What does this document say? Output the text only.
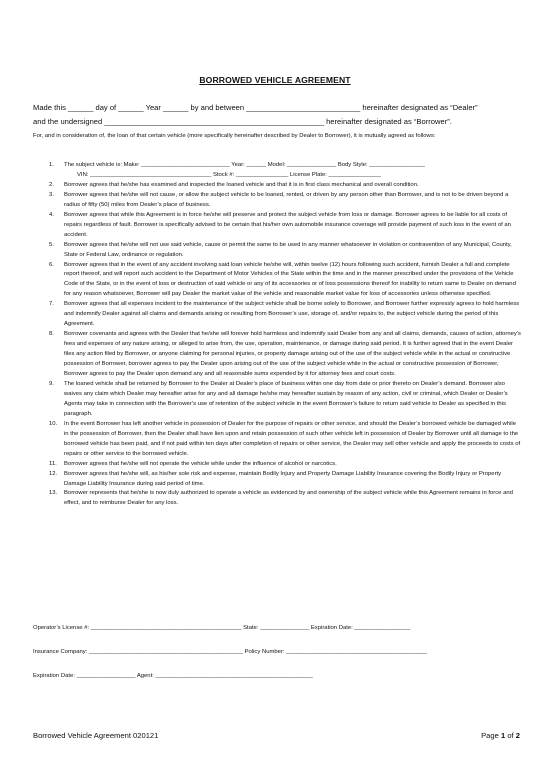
BORROWED VEHICLE AGREEMENT
Made this ______ day of ______ Year ______ by and between ___________________________ hereinafter designated as “Dealer”
and the undersigned ____________________________________________________ hereinafter designated as “Borrower”.
For, and in consideration of, the loan of that certain vehicle (more specifically hereinafter described by Dealer to Borrower), it is mutually agreed as follows:
1. The subject vehicle is: Make: ___________________________ Year: ______ Model: _______________ Body Style: _________________
VIN: _____________________________________ Stock #: ________________ License Plate: ________________
2. Borrower agrees that he/she has examined and inspected the loaned vehicle and that it is in first class mechanical and overall condition.
3. Borrower agrees that he/she will not cause, or allow the subject vehicle to be loaned, rented, or driven by any person other than Borrower, and is not to be driven beyond a radius of fifty (50) miles from Dealer’s place of business.
4. Borrower agrees that while this Agreement is in force he/she will preserve and protect the subject vehicle from loss or damage. Borrower agrees to be liable for all costs of repairs regardless of fault. Borrower is specifically advised to be certain that his/her own automobile insurance coverage will provide payment of such loss in the event of an accident.
5. Borrower agrees that he/she will not use said vehicle, cause or permit the same to be used in any manner whatsoever in violation or contravention of any Municipal, County, State or Federal Law, ordinance or regulation.
6. Borrower agrees that in the event of any accident involving said loan vehicle he/she will, within twelve (12) hours following such accident, furnish Dealer a full and complete report thereof, and will report such accident to the Department of Motor Vehicles of the State within the time and in the manner prescribed under the provisions of the Vehicle Code of the State, or in the event of loss or destruction of said vehicle or any of its accessories or of loss possessions thereof for inability to return same to Dealer on demand for any reason whatsoever, Borrower will pay Dealer the market value of the vehicle and reasonable market value for loss of accessories unless otherwise specified.
7. Borrower agrees that all expenses incident to the maintenance of the subject vehicle shall be borne solely to Borrower, and Borrower further expressly agrees to hold harmless and indemnify Dealer against all claims and demands arising or resulting from Borrower’s use, storage of, and/or repairs to, the subject vehicle during the period of this Agreement.
8. Borrower covenants and agrees with the Dealer that he/she will forever hold harmless and indemnify said Dealer from any and all claims, demands, causes of action, attorney’s fees and expenses of any nature arising, or alleged to arise from, the use, operation, maintenance, or damage during said period. It is further agreed that in the event Dealer files any action filed by Borrower, or anyone claiming for personal injuries, or property damage arising out of the use of the subject vehicle while in the actual or constructive possession of Borrower, borrower agrees to pay the Dealer upon arising out of the use of the subject vehicle while in the actual or constructive possession of Borrower, Borrower agrees to pay the Dealer upon demand any and all reasonable sums expended by it for attorney fees and court costs.
9. The loaned vehicle shall be returned by Borrower to the Dealer at Dealer’s place of business within one day from date or prior thereto on Dealer’s demand. Borrower also waives any claim which Dealer may hereafter arise for any and all damage he/she may hereafter sustain by reason of any action, civil or criminal, which Dealer or Dealer’s Agents may take in connection with the Borrower’s use of retention of the subject vehicle in the event Borrower’s failure to return said vehicle to Dealer as specified in this paragraph.
10. In the event Borrower has left another vehicle in possession of Dealer for the purpose of repairs or other service, and should the Dealer’s borrowed vehicle be damaged while in the possession of Borrower, then the Dealer shall have lien upon and retain possession of such other vehicle left in possession of Dealer by Borrower until all damage to the borrowed vehicle has been paid, and if not paid within ten days after completion of repairs or other service, the Dealer may sell other vehicle and apply the proceeds to costs of repairs or other service to the borrowed vehicle.
11. Borrower agrees that he/she will not operate the vehicle while under the influence of alcohol or narcotics.
12. Borrower agrees that he/she will, as his/her sole risk and expense, maintain Bodily Injury and Property Damage Liability Insurance covering the Bodily Injury or Property Damage Liability Insurance during said period of time.
13. Borrower represents that he/she is now duly authorized to operate a vehicle as evidenced by and ownership of the subject vehicle while this Agreement remains in force and effect, and to reimburse Dealer for any loss.
Operator’s License #: ______________________________________________ State: _______________ Expiration Date: _________________
Insurance Company: _______________________________________________ Policy Number: ___________________________________________
Expiration Date: __________________ Agent: ________________________________________________
Borrowed Vehicle Agreement 020121	Page 1 of 2
